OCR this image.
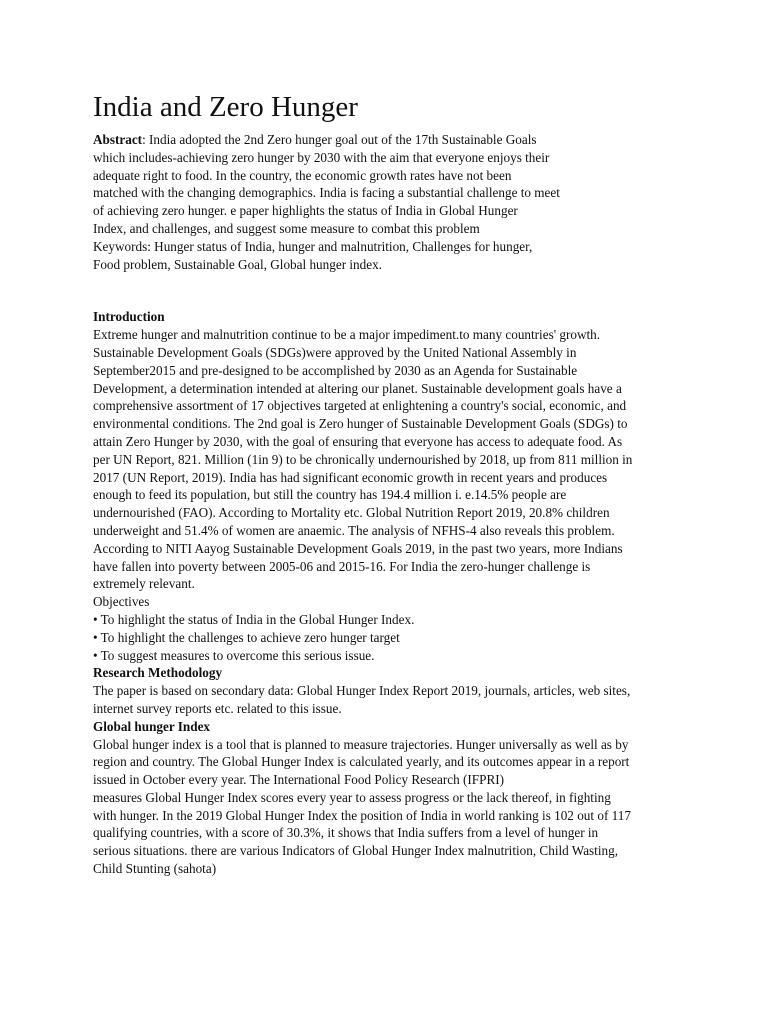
India and Zero Hunger
Abstract: India adopted the 2nd Zero hunger goal out of the 17th Sustainable Goals
which includes-achieving zero hunger by 2030 with the aim that everyone enjoys their
adequate right to food. In the country, the economic growth rates have not been
matched with the changing demographics. India is facing a substantial challenge to meet
of achieving zero hunger. e paper highlights the status of India in Global Hunger
Index, and challenges, and suggest some measure to combat this problem
Keywords: Hunger status of India, hunger and malnutrition, Challenges for hunger,
Food problem, Sustainable Goal, Global hunger index.
Introduction
Extreme hunger and malnutrition continue to be a major impediment.to many countries' growth.
Sustainable Development Goals (SDGs)were approved by the United National Assembly in
September2015 and pre-designed to be accomplished by 2030 as an Agenda for Sustainable
Development, a determination intended at altering our planet. Sustainable development goals have a
comprehensive assortment of 17 objectives targeted at enlightening a country's social, economic, and
environmental conditions. The 2nd goal is Zero hunger of Sustainable Development Goals (SDGs) to
attain Zero Hunger by 2030, with the goal of ensuring that everyone has access to adequate food. As
per UN Report, 821. Million (1in 9) to be chronically undernourished by 2018, up from 811 million in
2017 (UN Report, 2019). India has had significant economic growth in recent years and produces
enough to feed its population, but still the country has 194.4 million i. e.14.5% people are
undernourished (FAO). According to Mortality etc. Global Nutrition Report 2019, 20.8% children
underweight and 51.4% of women are anaemic. The analysis of NFHS-4 also reveals this problem.
According to NITI Aayog Sustainable Development Goals 2019, in the past two years, more Indians
have fallen into poverty between 2005-06 and 2015-16. For India the zero-hunger challenge is
extremely relevant.
Objectives
• To highlight the status of India in the Global Hunger Index.
• To highlight the challenges to achieve zero hunger target
• To suggest measures to overcome this serious issue.
Research Methodology
The paper is based on secondary data: Global Hunger Index Report 2019, journals, articles, web sites,
internet survey reports etc. related to this issue.
Global hunger Index
Global hunger index is a tool that is planned to measure trajectories. Hunger universally as well as by
region and country. The Global Hunger Index is calculated yearly, and its outcomes appear in a report
issued in October every year. The International Food Policy Research (IFPRI)
measures Global Hunger Index scores every year to assess progress or the lack thereof, in fighting
with hunger. In the 2019 Global Hunger Index the position of India in world ranking is 102 out of 117
qualifying countries, with a score of 30.3%, it shows that India suffers from a level of hunger in
serious situations. there are various Indicators of Global Hunger Index malnutrition, Child Wasting,
Child Stunting (sahota)
